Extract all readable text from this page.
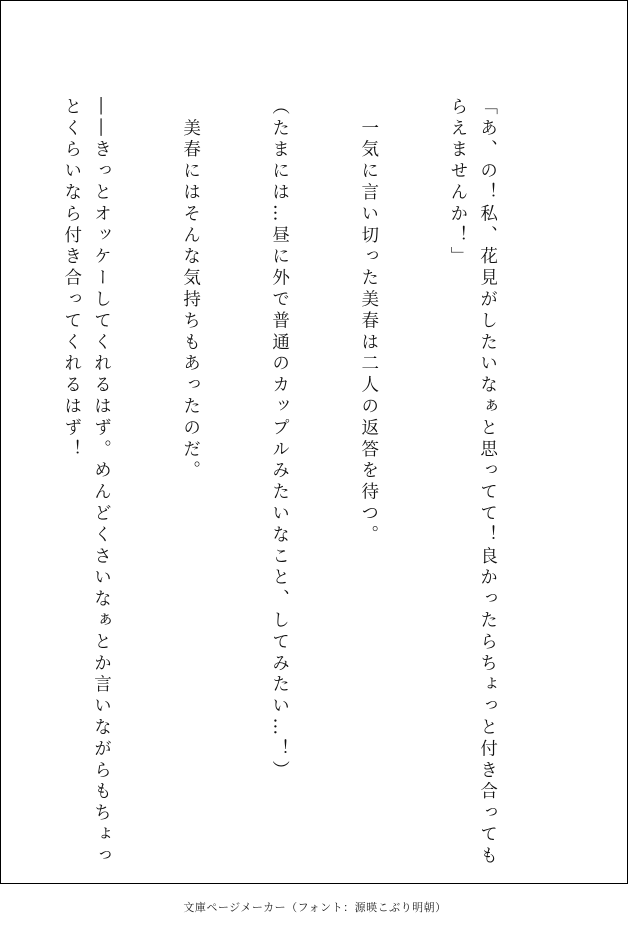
「あ、の！私、花見がしたいなぁと思ってて！良かったらちょっと付き合ってもらえませんか！」

　一気に言い切った美春は二人の返答を待つ。

（たまには…昼に外で普通のカップルみたいなこと、してみたい…！）

　美春にはそんな気持ちもあったのだ。

――きっとオッケーしてくれるはず。めんどくさいなぁとか言いながらもちょっとくらいなら付き合ってくれるはず！

文庫ページメーカー（フォント：源暎こぶり明朝）
